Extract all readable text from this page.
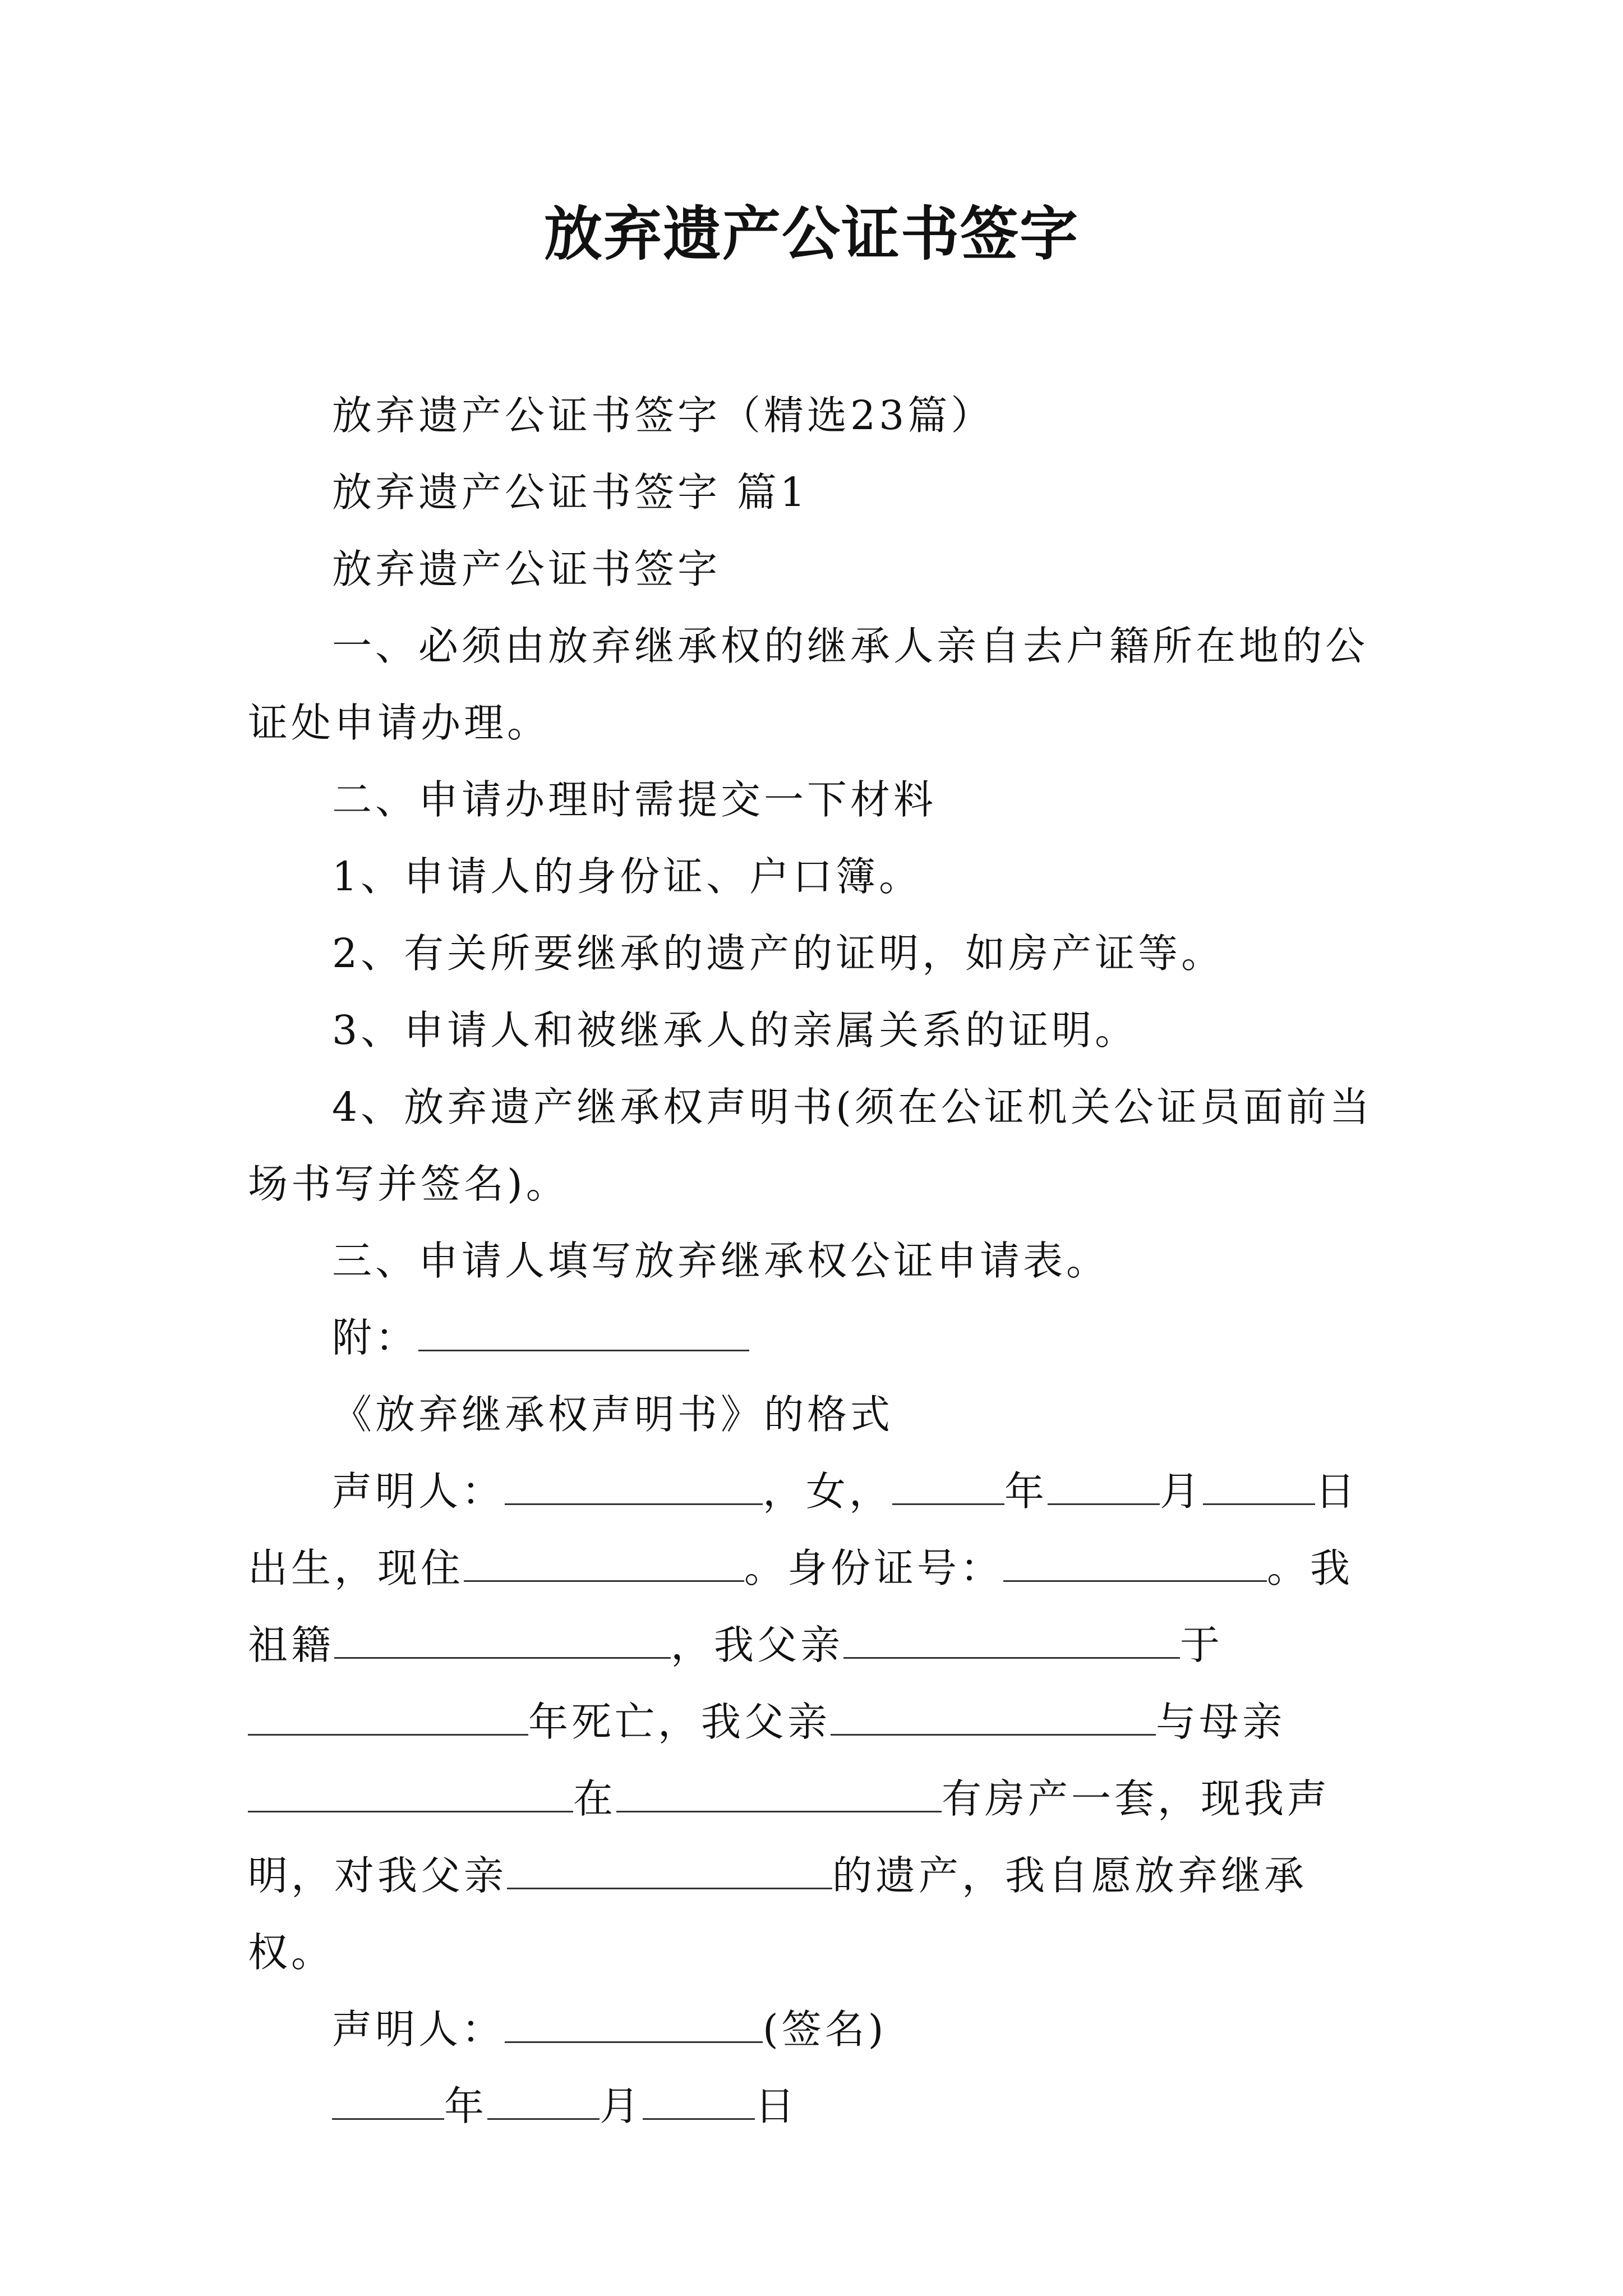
放弃遗产公证书签字

放弃遗产公证书签字（精选23篇）

放弃遗产公证书签字 篇1

放弃遗产公证书签字

一、必须由放弃继承权的继承人亲自去户籍所在地的公证处申请办理。

二、申请办理时需提交一下材料

1、申请人的身份证、户口簿。

2、有关所要继承的遗产的证明，如房产证等。

3、申请人和被继承人的亲属关系的证明。

4、放弃遗产继承权声明书(须在公证机关公证员面前当场书写并签名)。

三、申请人填写放弃继承权公证申请表。

附：

《放弃继承权声明书》的格式

声明人：	，女，	年	月	日出生，现住	。身份证号：	。我祖籍	，我父亲	于年死亡，我父亲	与母亲在	有房产一套，现我声

明，对我父亲	的遗产，我自愿放弃继承权。

声明人：	(签名)

年	月	日
